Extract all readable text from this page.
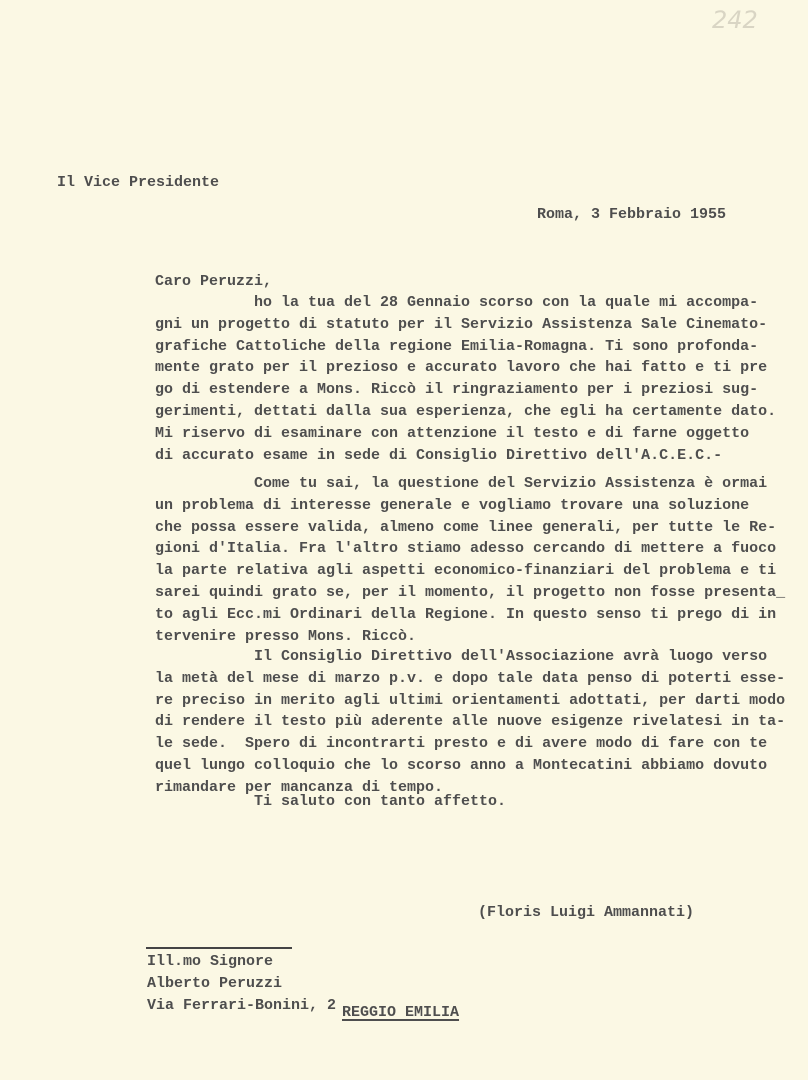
242
Il Vice Presidente
Roma, 3 Febbraio 1955
Caro Peruzzi,
ho la tua del 28 Gennaio scorso con la quale mi accompa-
gni un progetto di statuto per il Servizio Assistenza Sale Cinemato-
grafiche Cattoliche della regione Emilia-Romagna. Ti sono profonda-
mente grato per il prezioso e accurato lavoro che hai fatto e ti pre
go di estendere a Mons. Riccò il ringraziamento per i preziosi sug-
gerimenti, dettati dalla sua esperienza, che egli ha certamente dato.
Mi riservo di esaminare con attenzione il testo e di farne oggetto
di accurato esame in sede di Consiglio Direttivo dell'A.C.E.C.-
Come tu sai, la questione del Servizio Assistenza è ormai
un problema di interesse generale e vogliamo trovare una soluzione
che possa essere valida, almeno come linee generali, per tutte le Re-
gioni d'Italia. Fra l'altro stiamo adesso cercando di mettere a fuoco
la parte relativa agli aspetti economico-finanziari del problema e ti
sarei quindi grato se, per il momento, il progetto non fosse presenta_
to agli Ecc.mi Ordinari della Regione. In questo senso ti prego di in
tervenire presso Mons. Riccò.
Il Consiglio Direttivo dell'Associazione avrà luogo verso
la metà del mese di marzo p.v. e dopo tale data penso di poterti esse-
re preciso in merito agli ultimi orientamenti adottati, per darti modo
di rendere il testo più aderente alle nuove esigenze rivelatesi in ta-
le sede.  Spero di incontrarti presto e di avere modo di fare con te
quel lungo colloquio che lo scorso anno a Montecatini abbiamo dovuto
rimandare per mancanza di tempo.
Ti saluto con tanto affetto.
(Floris Luigi Ammannati)
Ill.mo Signore
Alberto Peruzzi
Via Ferrari-Bonini, 2 REGGIO EMILIA
